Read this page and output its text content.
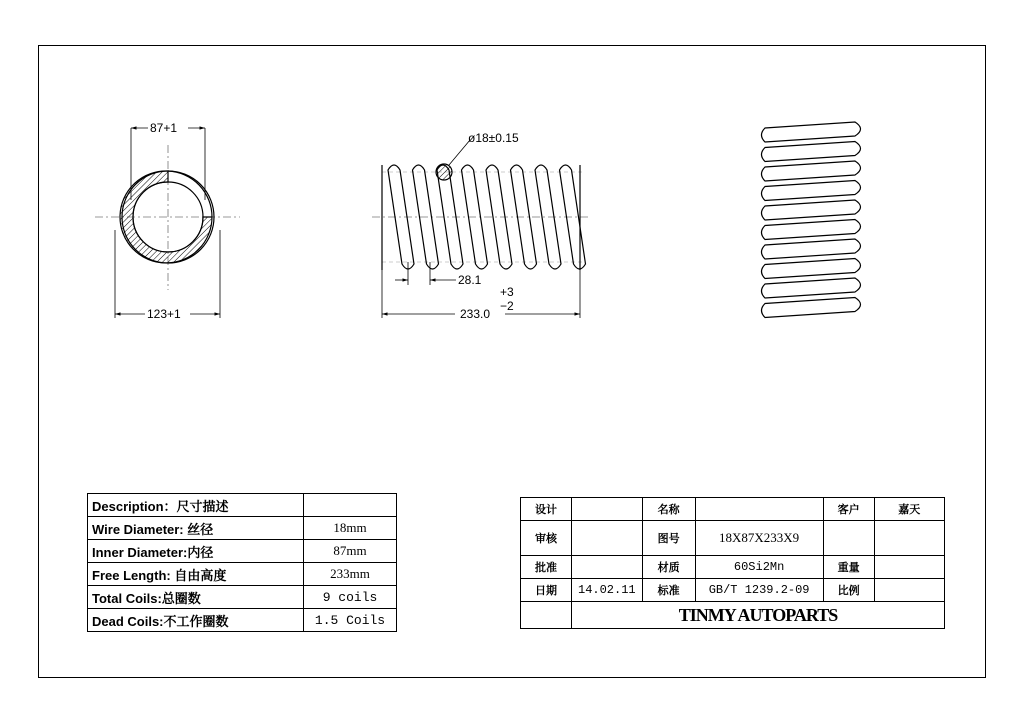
87+1
123+1
ø18±0.15
28.1
233.0
+3
−2
Description：尺寸描述	
Wire Diameter: 丝径	18mm
Inner Diameter:内径	87mm
Free Length: 自由高度	233mm
Total Coils:总圈数	9 coils
Dead Coils:不工作圈数	1.5 Coils
设计		名称		客户	嘉天
审核		图号	18X87X233X9		
批准		材质	60Si2Mn	重量	
日期	14.02.11	标准	GB/T 1239.2-09	比例	
	TINMY AUTOPARTS				
